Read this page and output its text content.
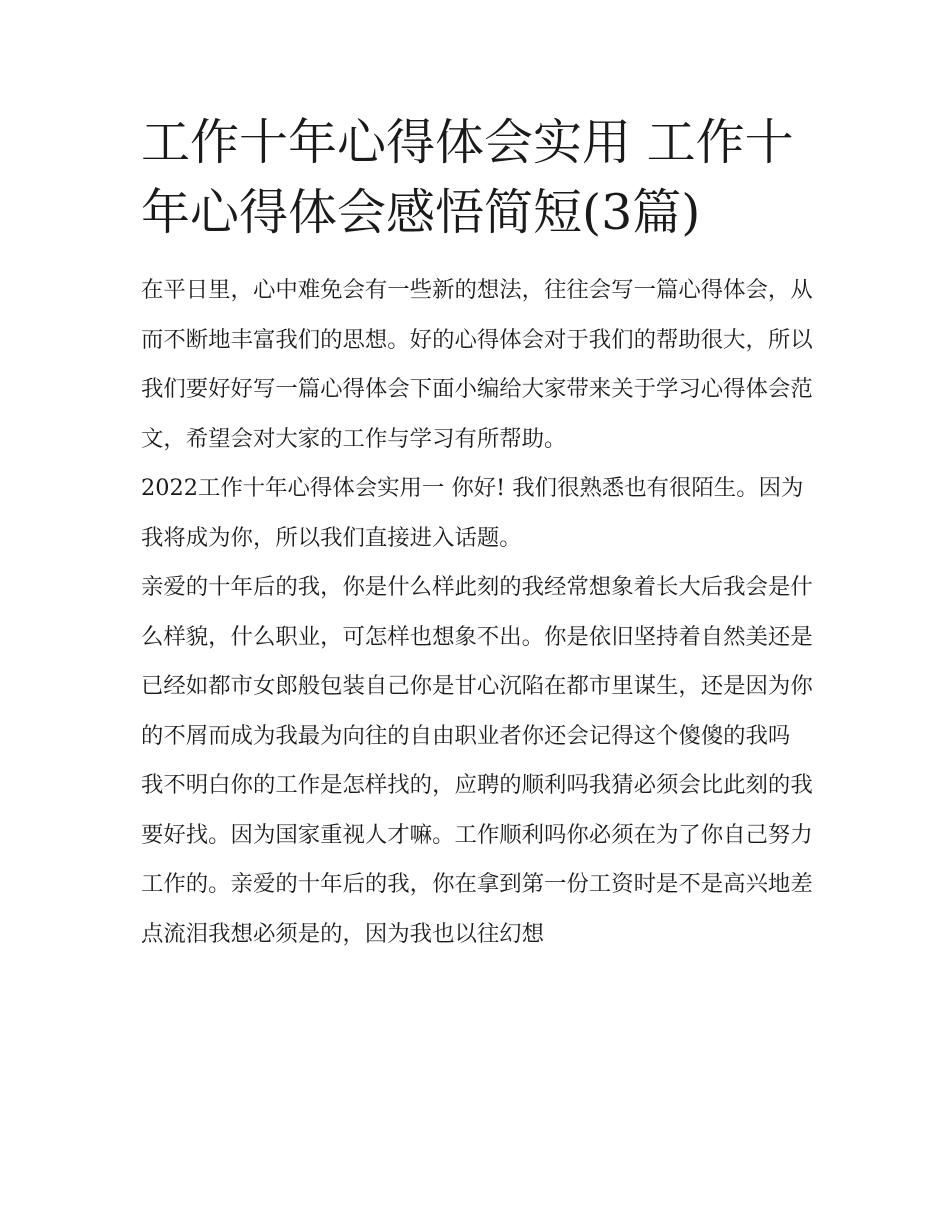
工作十年心得体会实用 工作十年心得体会感悟简短(3篇)

在平日里，心中难免会有一些新的想法，往往会写一篇心得体会，从而不断地丰富我们的思想。好的心得体会对于我们的帮助很大，所以我们要好好写一篇心得体会下面小编给大家带来关于学习心得体会范文，希望会对大家的工作与学习有所帮助。

2022工作十年心得体会实用一 你好! 我们很熟悉也有很陌生。因为我将成为你，所以我们直接进入话题。

亲爱的十年后的我，你是什么样此刻的我经常想象着长大后我会是什么样貌，什么职业，可怎样也想象不出。你是依旧坚持着自然美还是已经如都市女郎般包装自己你是甘心沉陷在都市里谋生，还是因为你的不屑而成为我最为向往的自由职业者你还会记得这个傻傻的我吗

我不明白你的工作是怎样找的，应聘的顺利吗我猜必须会比此刻的我要好找。因为国家重视人才嘛。工作顺利吗你必须在为了你自己努力工作的。亲爱的十年后的我，你在拿到第一份工资时是不是高兴地差点流泪我想必须是的，因为我也以往幻想
